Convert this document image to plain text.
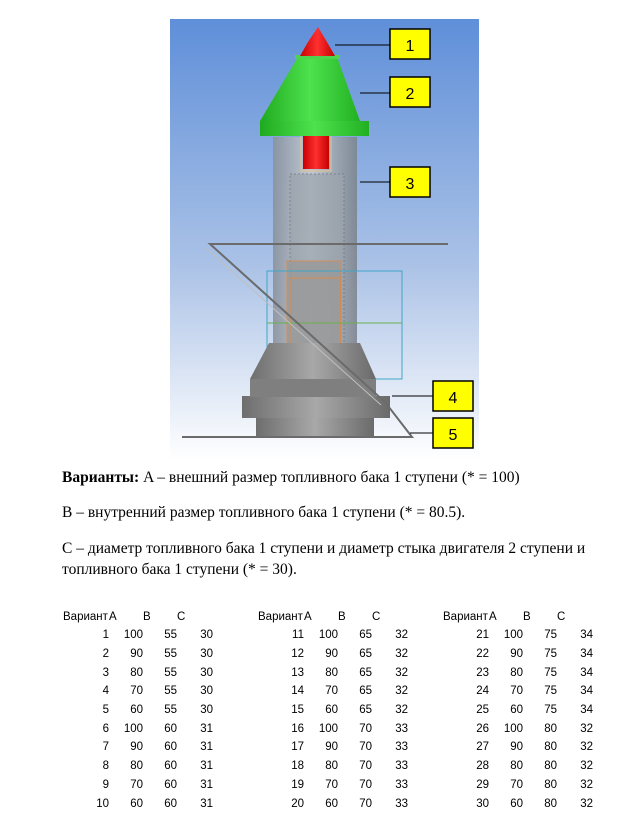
1
2
3
4
5
Варианты: A – внешний размер топливного бака 1 ступени (* = 100)
B – внутренний размер топливного бака 1 ступени (* = 80.5).
C – диаметр топливного бака 1 ступени и диаметр стыка двигателя 2 ступени и топливного бака 1 ступени (* = 30).
Вариант	A	B	C
1	100	55	30
2	90	55	30
3	80	55	30
4	70	55	30
5	60	55	30
6	100	60	31
7	90	60	31
8	80	60	31
9	70	60	31
10	60	60	31
Вариант	A	B	C
11	100	65	32
12	90	65	32
13	80	65	32
14	70	65	32
15	60	65	32
16	100	70	33
17	90	70	33
18	80	70	33
19	70	70	33
20	60	70	33
Вариант	A	B	C
21	100	75	34
22	90	75	34
23	80	75	34
24	70	75	34
25	60	75	34
26	100	80	32
27	90	80	32
28	80	80	32
29	70	80	32
30	60	80	32
